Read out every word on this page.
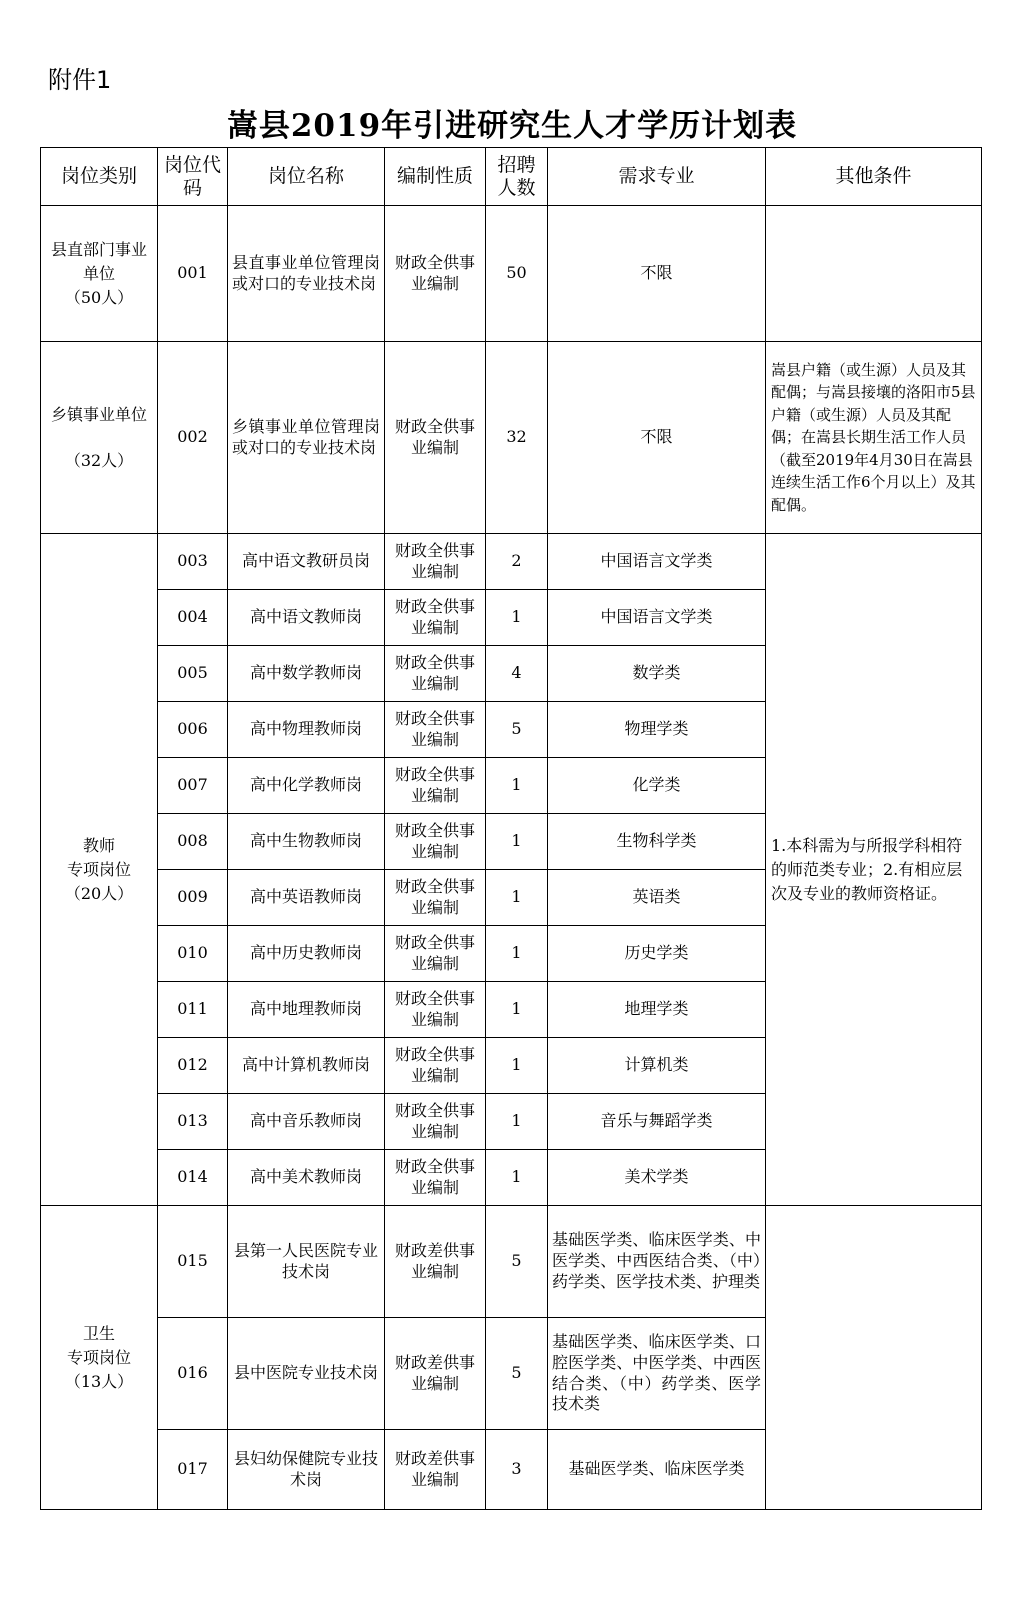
附件1
嵩县2019年引进研究生人才学历计划表
岗位类别	岗位代码	岗位名称	编制性质	招聘人数	需求专业	其他条件

县直部门事业
单位
（50人）	001	县直事业单位管理岗或对口的专业技术岗	财政全供事业编制	50	不限	

乡镇事业单位
（32人）	002	乡镇事业单位管理岗或对口的专业技术岗	财政全供事业编制	32	不限	嵩县户籍（或生源）人员及其配偶；与嵩县接壤的洛阳市5县户籍（或生源）人员及其配偶；在嵩县长期生活工作人员（截至2019年4月30日在嵩县连续生活工作6个月以上）及其配偶。

教师
专项岗位
（20人）	003	高中语文教研员岗	财政全供事业编制	2	中国语言文学类	1.本科需为与所报学科相符的师范类专业；2.有相应层次及专业的教师资格证。
	004	高中语文教师岗	财政全供事业编制	1	中国语言文学类	
	005	高中数学教师岗	财政全供事业编制	4	数学类	
	006	高中物理教师岗	财政全供事业编制	5	物理学类	
	007	高中化学教师岗	财政全供事业编制	1	化学类	
	008	高中生物教师岗	财政全供事业编制	1	生物科学类	
	009	高中英语教师岗	财政全供事业编制	1	英语类	
	010	高中历史教师岗	财政全供事业编制	1	历史学类	
	011	高中地理教师岗	财政全供事业编制	1	地理学类	
	012	高中计算机教师岗	财政全供事业编制	1	计算机类	
	013	高中音乐教师岗	财政全供事业编制	1	音乐与舞蹈学类	
	014	高中美术教师岗	财政全供事业编制	1	美术学类	

卫生
专项岗位
（13人）	015	县第一人民医院专业技术岗	财政差供事业编制	5	基础医学类、临床医学类、中医学类、中西医结合类、（中）药学类、医学技术类、护理类	
	016	县中医院专业技术岗	财政差供事业编制	5	基础医学类、临床医学类、口腔医学类、中医学类、中西医结合类、（中）药学类、医学技术类	
	017	县妇幼保健院专业技术岗	财政差供事业编制	3	基础医学类、临床医学类	
